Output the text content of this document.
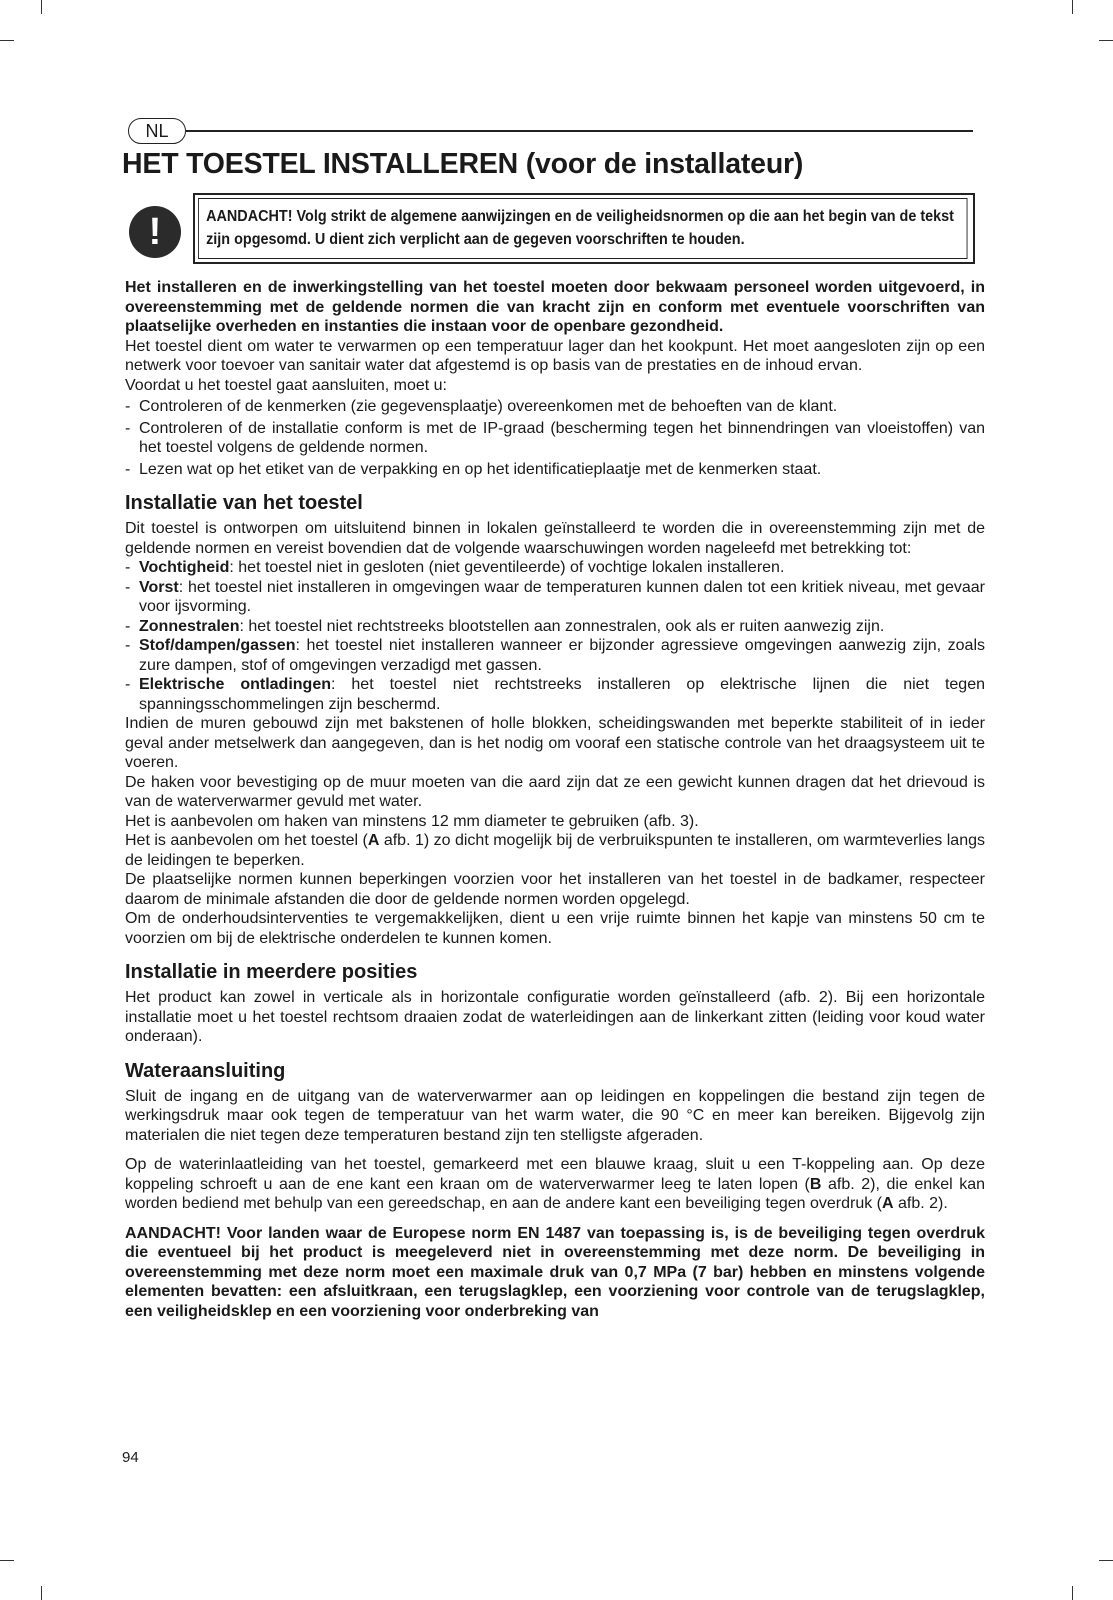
NL
HET TOESTEL INSTALLEREN (voor de installateur)
!	AANDACHT! Volg strikt de algemene aanwijzingen en de veiligheidsnormen op die aan het begin van de tekst zijn opgesomd. U dient zich verplicht aan de gegeven voorschriften te houden.

Het installeren en de inwerkingstelling van het toestel moeten door bekwaam personeel worden uitgevoerd, in overeenstemming met de geldende normen die van kracht zijn en conform met eventuele voorschriften van plaatselijke overheden en instanties die instaan voor de openbare gezondheid.

Het toestel dient om water te verwarmen op een temperatuur lager dan het kookpunt. Het moet aangesloten zijn op een netwerk voor toevoer van sanitair water dat afgestemd is op basis van de prestaties en de inhoud ervan.

Voordat u het toestel gaat aansluiten, moet u:

- Controleren of de kenmerken (zie gegevensplaatje) overeenkomen met de behoeften van de klant.
- Controleren of de installatie conform is met de IP-graad (bescherming tegen het binnendringen van vloeistoffen) van het toestel volgens de geldende normen.
- Lezen wat op het etiket van de verpakking en op het identificatieplaatje met de kenmerken staat.
Installatie van het toestel

Dit toestel is ontworpen om uitsluitend binnen in lokalen geïnstalleerd te worden die in overeenstemming zijn met de geldende normen en vereist bovendien dat de volgende waarschuwingen worden nageleefd met betrekking tot:

- Vochtigheid: het toestel niet in gesloten (niet geventileerde) of vochtige lokalen installeren.
- Vorst: het toestel niet installeren in omgevingen waar de temperaturen kunnen dalen tot een kritiek niveau, met gevaar voor ijsvorming.
- Zonnestralen: het toestel niet rechtstreeks blootstellen aan zonnestralen, ook als er ruiten aanwezig zijn.
- Stof/dampen/gassen: het toestel niet installeren wanneer er bijzonder agressieve omgevingen aanwezig zijn, zoals zure dampen, stof of omgevingen verzadigd met gassen.
- Elektrische ontladingen: het toestel niet rechtstreeks installeren op elektrische lijnen die niet tegen spanningsschommelingen zijn beschermd.

Indien de muren gebouwd zijn met bakstenen of holle blokken, scheidingswanden met beperkte stabiliteit of in ieder geval ander metselwerk dan aangegeven, dan is het nodig om vooraf een statische controle van het draagsysteem uit te voeren.

De haken voor bevestiging op de muur moeten van die aard zijn dat ze een gewicht kunnen dragen dat het drievoud is van de waterverwarmer gevuld met water.

Het is aanbevolen om haken van minstens 12 mm diameter te gebruiken (afb. 3).

Het is aanbevolen om het toestel (A afb. 1) zo dicht mogelijk bij de verbruikspunten te installeren, om warmteverlies langs de leidingen te beperken.

De plaatselijke normen kunnen beperkingen voorzien voor het installeren van het toestel in de badkamer, respecteer daarom de minimale afstanden die door de geldende normen worden opgelegd.

Om de onderhoudsinterventies te vergemakkelijken, dient u een vrije ruimte binnen het kapje van minstens 50 cm te voorzien om bij de elektrische onderdelen te kunnen komen.

Installatie in meerdere posities

Het product kan zowel in verticale als in horizontale configuratie worden geïnstalleerd (afb. 2). Bij een horizontale installatie moet u het toestel rechtsom draaien zodat de waterleidingen aan de linkerkant zitten (leiding voor koud water onderaan).

Wateraansluiting

Sluit de ingang en de uitgang van de waterverwarmer aan op leidingen en koppelingen die bestand zijn tegen de werkingsdruk maar ook tegen de temperatuur van het warm water, die 90 °C en meer kan bereiken. Bijgevolg zijn materialen die niet tegen deze temperaturen bestand zijn ten stelligste afgeraden.

Op de waterinlaatleiding van het toestel, gemarkeerd met een blauwe kraag, sluit u een T-koppeling aan. Op deze koppeling schroeft u aan de ene kant een kraan om de waterverwarmer leeg te laten lopen (B afb. 2), die enkel kan worden bediend met behulp van een gereedschap, en aan de andere kant een beveiliging tegen overdruk (A afb. 2).

AANDACHT! Voor landen waar de Europese norm EN 1487 van toepassing is, is de beveiliging tegen overdruk die eventueel bij het product is meegeleverd niet in overeenstemming met deze norm. De beveiliging in overeenstemming met deze norm moet een maximale druk van 0,7 MPa (7 bar) hebben en minstens volgende elementen bevatten: een afsluitkraan, een terugslagklep, een voorziening voor controle van de terugslagklep, een veiligheidsklep en een voorziening voor onderbreking van

94
